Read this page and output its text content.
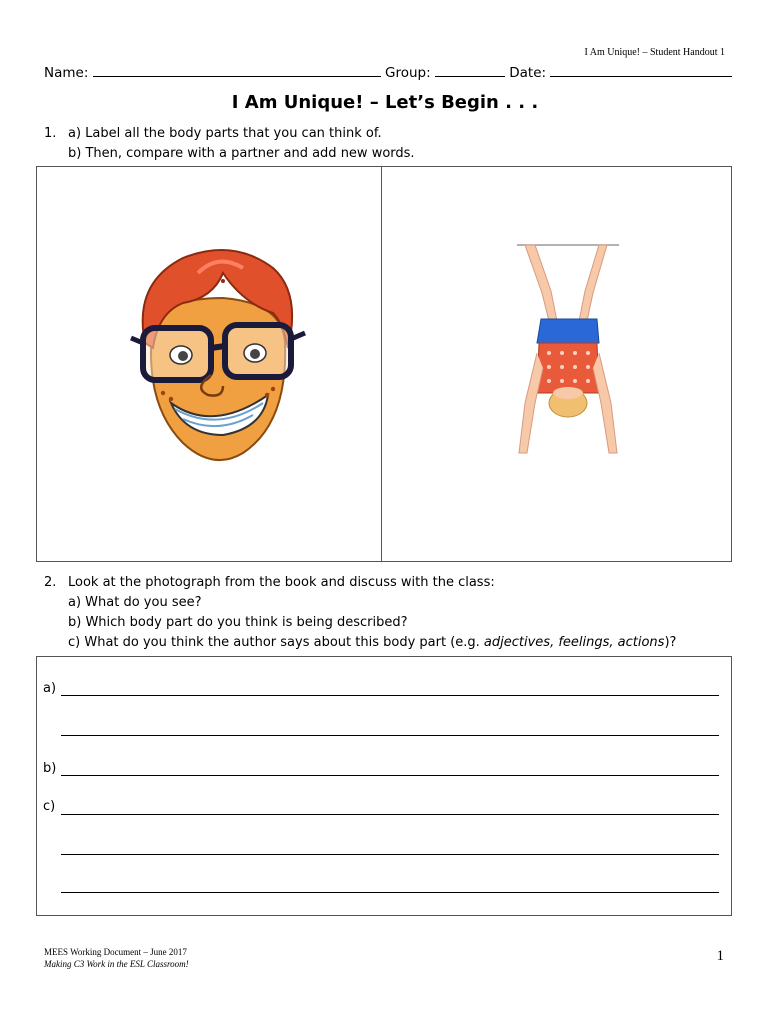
I Am Unique! – Student Handout 1
Name:	Group:	Date:
I Am Unique! – Let’s Begin . . .
1. a) Label all the body parts that you can think of.
b) Then, compare with a partner and add new words.
2. Look at the photograph from the book and discuss with the class:
a) What do you see?
b) Which body part do you think is being described?
c) What do you think the author says about this body part (e.g. adjectives, feelings, actions)?
a)
b)
c)
MEES Working Document – June 2017
Making C3 Work in the ESL Classroom!	1
